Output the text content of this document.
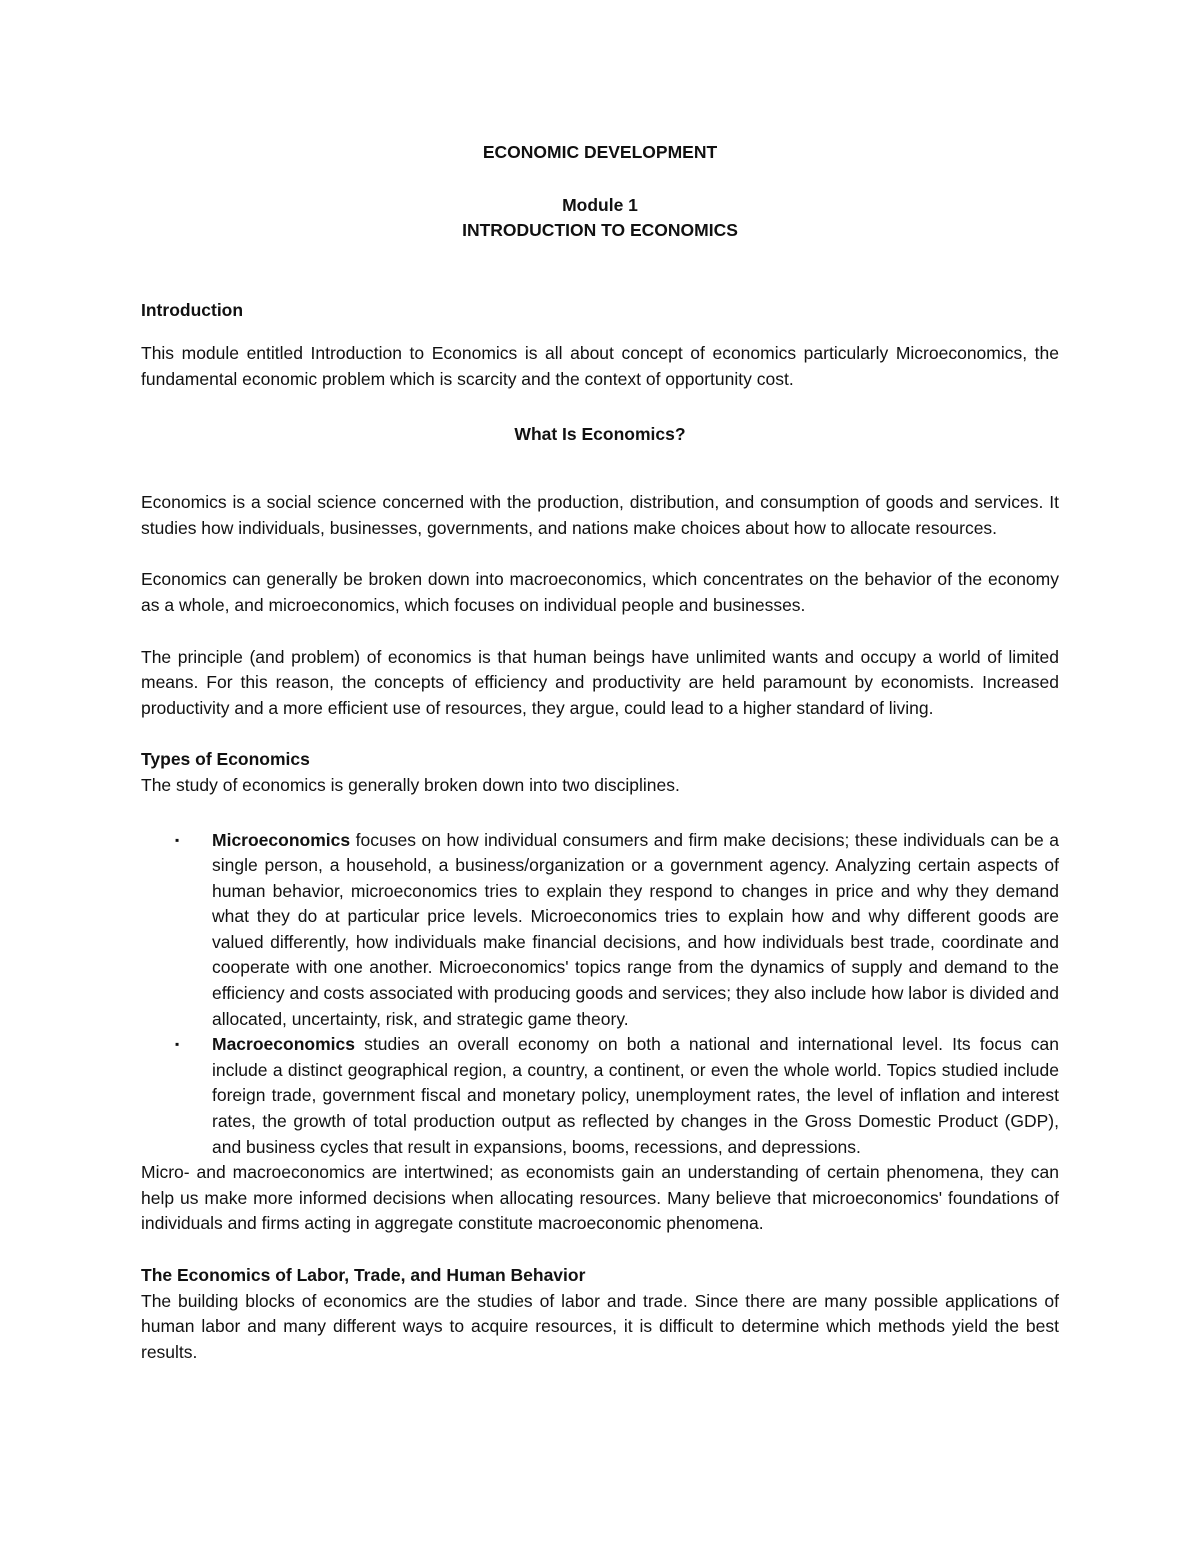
ECONOMIC DEVELOPMENT
Module 1
INTRODUCTION TO ECONOMICS
Introduction

This module entitled Introduction to Economics is all about concept of economics particularly Microeconomics, the fundamental economic problem which is scarcity and the context of opportunity cost.

What Is Economics?

Economics is a social science concerned with the production, distribution, and consumption of goods and services. It studies how individuals, businesses, governments, and nations make choices about how to allocate resources.

Economics can generally be broken down into macroeconomics, which concentrates on the behavior of the economy as a whole, and microeconomics, which focuses on individual people and businesses.

The principle (and problem) of economics is that human beings have unlimited wants and occupy a world of limited means. For this reason, the concepts of efficiency and productivity are held paramount by economists. Increased productivity and a more efficient use of resources, they argue, could lead to a higher standard of living.

Types of Economics

The study of economics is generally broken down into two disciplines.

▪ Microeconomics focuses on how individual consumers and firm make decisions; these individuals can be a single person, a household, a business/organization or a government agency. Analyzing certain aspects of human behavior, microeconomics tries to explain they respond to changes in price and why they demand what they do at particular price levels. Microeconomics tries to explain how and why different goods are valued differently, how individuals make financial decisions, and how individuals best trade, coordinate and cooperate with one another. Microeconomics' topics range from the dynamics of supply and demand to the efficiency and costs associated with producing goods and services; they also include how labor is divided and allocated, uncertainty, risk, and strategic game theory.
▪ Macroeconomics studies an overall economy on both a national and international level. Its focus can include a distinct geographical region, a country, a continent, or even the whole world. Topics studied include foreign trade, government fiscal and monetary policy, unemployment rates, the level of inflation and interest rates, the growth of total production output as reflected by changes in the Gross Domestic Product (GDP), and business cycles that result in expansions, booms, recessions, and depressions.

Micro- and macroeconomics are intertwined; as economists gain an understanding of certain phenomena, they can help us make more informed decisions when allocating resources. Many believe that microeconomics' foundations of individuals and firms acting in aggregate constitute macroeconomic phenomena.

The Economics of Labor, Trade, and Human Behavior

The building blocks of economics are the studies of labor and trade. Since there are many possible applications of human labor and many different ways to acquire resources, it is difficult to determine which methods yield the best results.
